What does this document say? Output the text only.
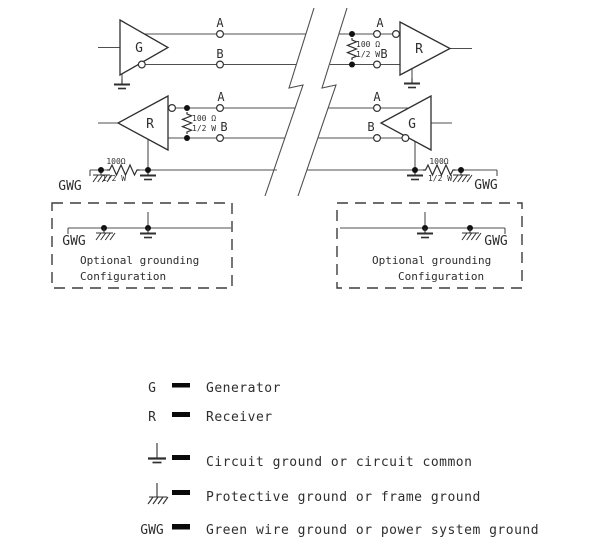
G	R
R	G
A
B
A
B
A
B
A
B
100 Ω
1/2 W
100 Ω
1/2 W
100Ω
1/2 W
100Ω
1/2 W
GWG	GWG
GWG
Optional grounding
Configuration
GWG
Optional grounding
Configuration
G	Generator
R	Receiver
Circuit ground or circuit common
Protective ground or frame ground
GWG	Green wire ground or power system ground
